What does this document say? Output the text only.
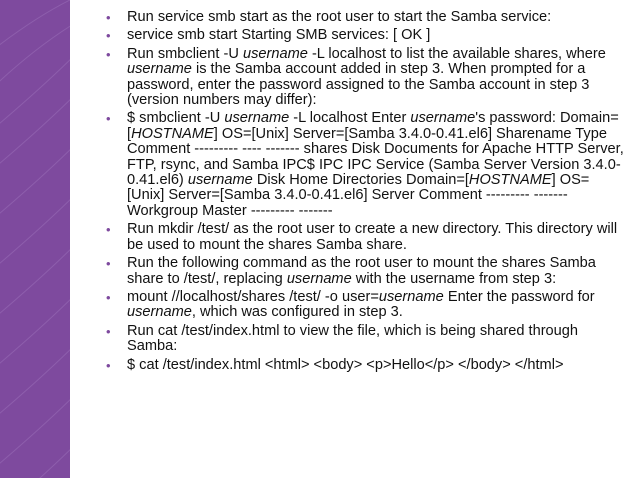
• Run service smb start as the root user to start the Samba service:
• service smb start Starting SMB services: [ OK ]
• Run smbclient -U username -L localhost to list the available shares, where username is the Samba account added in step 3. When prompted for a password, enter the password assigned to the Samba account in step 3 (version numbers may differ):
• $ smbclient -U username -L localhost Enter username's password: Domain=[HOSTNAME] OS=[Unix] Server=[Samba 3.4.0-0.41.el6] Sharename Type Comment --------- ---- ------- shares Disk Documents for Apache HTTP Server, FTP, rsync, and Samba IPC$ IPC IPC Service (Samba Server Version 3.4.0-0.41.el6) username Disk Home Directories Domain=[HOSTNAME] OS=[Unix] Server=[Samba 3.4.0-0.41.el6] Server Comment --------- ------- Workgroup Master --------- -------
• Run mkdir /test/ as the root user to create a new directory. This directory will be used to mount the shares Samba share.
• Run the following command as the root user to mount the shares Samba share to /test/, replacing username with the username from step 3:
• mount //localhost/shares /test/ -o user=username Enter the password for username, which was configured in step 3.
• Run cat /test/index.html to view the file, which is being shared through Samba:
• $ cat /test/index.html <html> <body> <p>Hello</p> </body> </html>
